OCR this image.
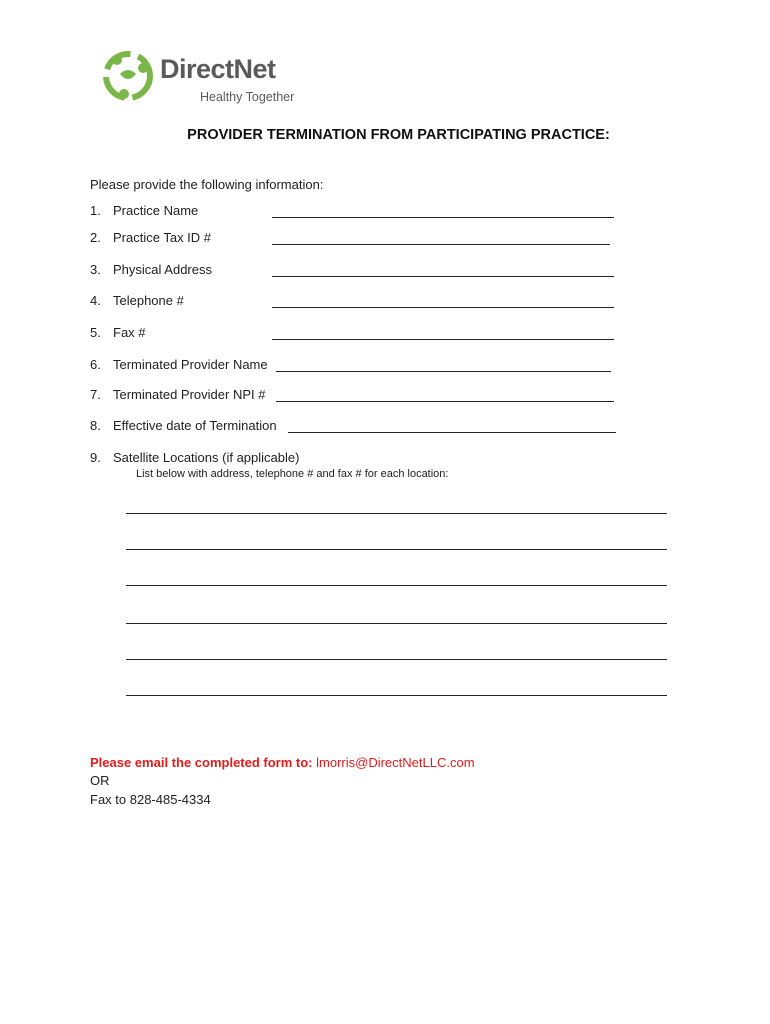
DirectNet
Healthy Together
PROVIDER TERMINATION FROM PARTICIPATING PRACTICE:
Please provide the following information:
1. Practice Name
2. Practice Tax ID #
3. Physical Address
4. Telephone #
5. Fax #
6. Terminated Provider Name
7. Terminated Provider NPI #
8. Effective date of Termination
9. Satellite Locations (if applicable)
List below with address, telephone # and fax # for each location:
Please email the completed form to: lmorris@DirectNetLLC.com
OR
Fax to 828-485-4334
